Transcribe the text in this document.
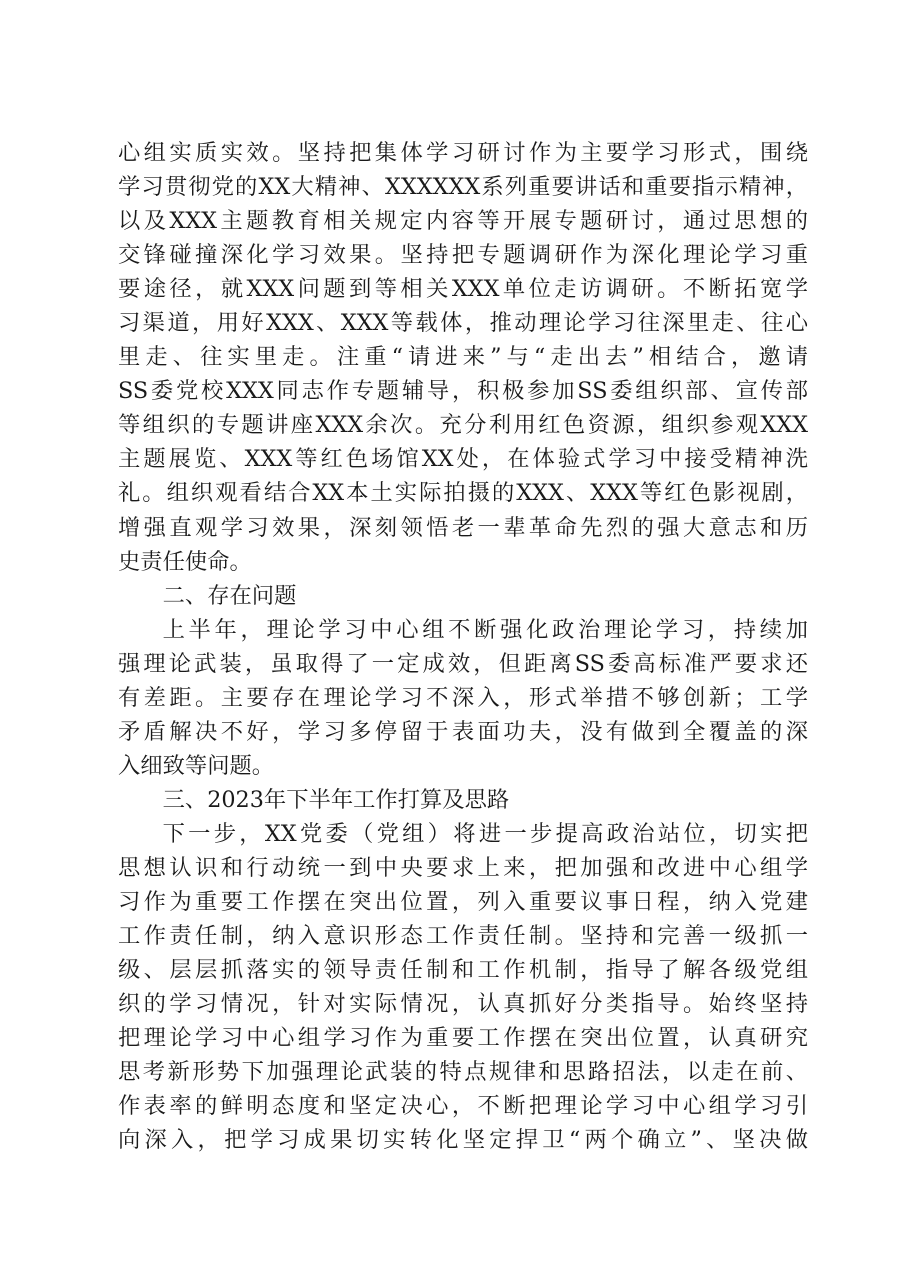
心组实质实效。坚持把集体学习研讨作为主要学习形式，围绕
学习贯彻党的XX大精神、XXXXXX系列重要讲话和重要指示精神，
以及XXX主题教育相关规定内容等开展专题研讨，通过思想的
交锋碰撞深化学习效果。坚持把专题调研作为深化理论学习重
要途径，就XXX问题到等相关XXX单位走访调研。不断拓宽学
习渠道，用好XXX、XXX等载体，推动理论学习往深里走、往心
里走、往实里走。注重“请进来”与“走出去”相结合，邀请
SS委党校XXX同志作专题辅导，积极参加SS委组织部、宣传部
等组织的专题讲座XXX余次。充分利用红色资源，组织参观XXX
主题展览、XXX等红色场馆XX处，在体验式学习中接受精神洗
礼。组织观看结合XX本土实际拍摄的XXX、XXX等红色影视剧，
增强直观学习效果，深刻领悟老一辈革命先烈的强大意志和历
史责任使命。
二、存在问题
上半年，理论学习中心组不断强化政治理论学习，持续加
强理论武装，虽取得了一定成效，但距离SS委高标准严要求还
有差距。主要存在理论学习不深入，形式举措不够创新；工学
矛盾解决不好，学习多停留于表面功夫，没有做到全覆盖的深
入细致等问题。
三、2023年下半年工作打算及思路
下一步，XX党委（党组）将进一步提高政治站位，切实把
思想认识和行动统一到中央要求上来，把加强和改进中心组学
习作为重要工作摆在突出位置，列入重要议事日程，纳入党建
工作责任制，纳入意识形态工作责任制。坚持和完善一级抓一
级、层层抓落实的领导责任制和工作机制，指导了解各级党组
织的学习情况，针对实际情况，认真抓好分类指导。始终坚持
把理论学习中心组学习作为重要工作摆在突出位置，认真研究
思考新形势下加强理论武装的特点规律和思路招法，以走在前、
作表率的鲜明态度和坚定决心，不断把理论学习中心组学习引
向深入，把学习成果切实转化坚定捍卫“两个确立”、坚决做
